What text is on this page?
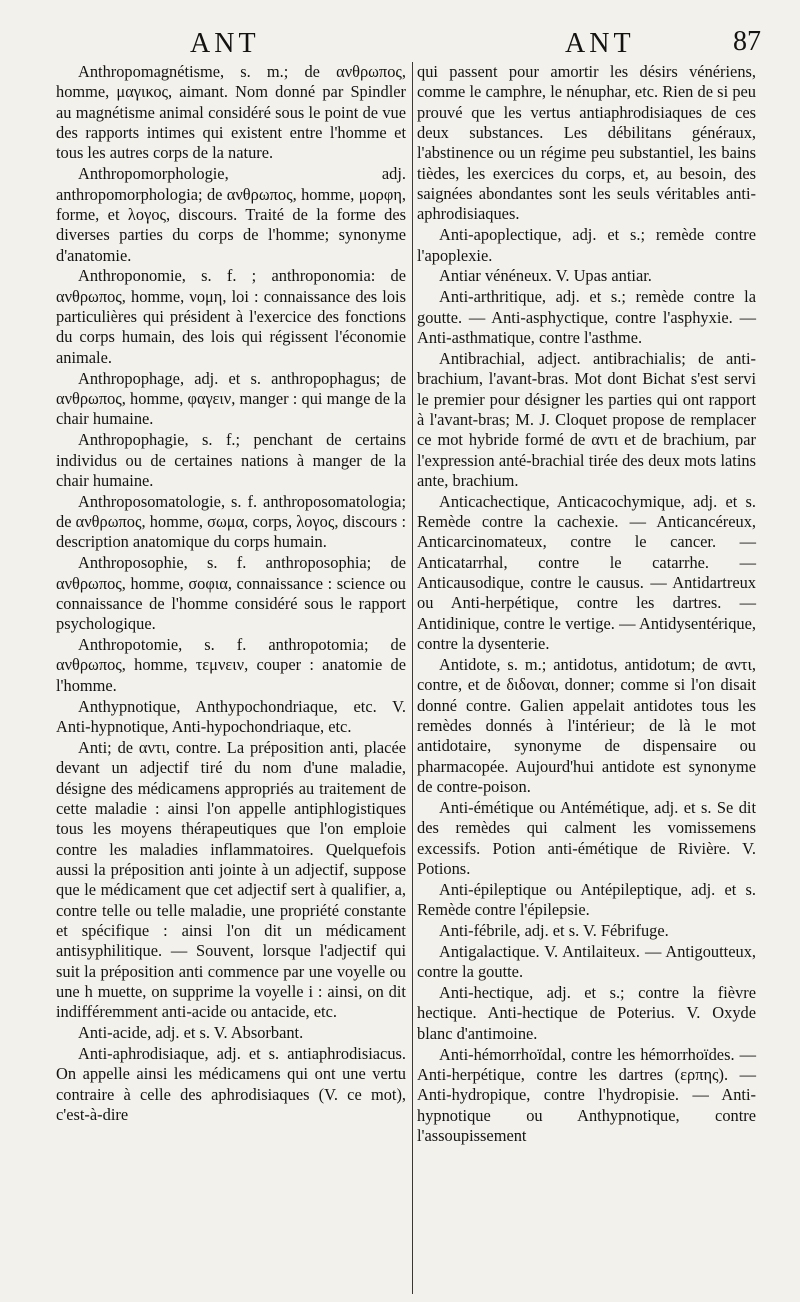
ANT	ANT	87

Anthropomagnétisme, s. m.; de ανθρωπος, homme, μαγικος, aimant. Nom donné par Spindler au magnétisme animal considéré sous le point de vue des rapports intimes qui existent entre l'homme et tous les autres corps de la nature.

Anthropomorphologie, adj. anthropomorphologia; de ανθρωπος, homme, μορφη, forme, et λογος, discours. Traité de la forme des diverses parties du corps de l'homme; synonyme d'anatomie.

Anthroponomie, s. f. ; anthroponomia: de ανθρωπος, homme, νομη, loi : connaissance des lois particulières qui président à l'exercice des fonctions du corps humain, des lois qui régissent l'économie animale.

Anthropophage, adj. et s. anthropophagus; de ανθρωπος, homme, φαγειν, manger : qui mange de la chair humaine.

Anthropophagie, s. f.; penchant de certains individus ou de certaines nations à manger de la chair humaine.

Anthroposomatologie, s. f. anthroposomatologia; de ανθρωπος, homme, σωμα, corps, λογος, discours : description anatomique du corps humain.

Anthroposophie, s. f. anthroposophia; de ανθρωπος, homme, σοφια, connaissance : science ou connaissance de l'homme considéré sous le rapport psychologique.

Anthropotomie, s. f. anthropotomia; de ανθρωπος, homme, τεμνειν, couper : anatomie de l'homme.

Anthypnotique, Anthypochondriaque, etc. V. Anti-hypnotique, Anti-hypochondriaque, etc.

Anti; de αντι, contre. La préposition anti, placée devant un adjectif tiré du nom d'une maladie, désigne des médicamens appropriés au traitement de cette maladie : ainsi l'on appelle antiphlogistiques tous les moyens thérapeutiques que l'on emploie contre les maladies inflammatoires. Quelquefois aussi la préposition anti jointe à un adjectif, suppose que le médicament que cet adjectif sert à qualifier, a, contre telle ou telle maladie, une propriété constante et spécifique : ainsi l'on dit un médicament antisyphilitique. — Souvent, lorsque l'adjectif qui suit la préposition anti commence par une voyelle ou une h muette, on supprime la voyelle i : ainsi, on dit indifféremment anti-acide ou antacide, etc.

Anti-acide, adj. et s. V. Absorbant.

Anti-aphrodisiaque, adj. et s. antiaphrodisiacus. On appelle ainsi les médicamens qui ont une vertu contraire à celle des aphrodisiaques (V. ce mot), c'est-à-dire

qui passent pour amortir les désirs vénériens, comme le camphre, le nénuphar, etc. Rien de si peu prouvé que les vertus antiaphrodisiaques de ces deux substances. Les débilitans généraux, l'abstinence ou un régime peu substantiel, les bains tièdes, les exercices du corps, et, au besoin, des saignées abondantes sont les seuls véritables anti-aphrodisiaques.

Anti-apoplectique, adj. et s.; remède contre l'apoplexie.

Antiar vénéneux. V. Upas antiar.

Anti-arthritique, adj. et s.; remède contre la goutte. — Anti-asphyctique, contre l'asphyxie. — Anti-asthmatique, contre l'asthme.

Antibrachial, adject. antibrachialis; de anti-brachium, l'avant-bras. Mot dont Bichat s'est servi le premier pour désigner les parties qui ont rapport à l'avant-bras; M. J. Cloquet propose de remplacer ce mot hybride formé de αντι et de brachium, par l'expression anté-brachial tirée des deux mots latins ante, brachium.

Anticachectique, Anticacochymique, adj. et s. Remède contre la cachexie. — Anticancéreux, Anticarcinomateux, contre le cancer. — Anticatarrhal, contre le catarrhe. — Anticausodique, contre le causus. — Antidartreux ou Anti-herpétique, contre les dartres. — Antidinique, contre le vertige. — Antidysentérique, contre la dysenterie.

Antidote, s. m.; antidotus, antidotum; de αντι, contre, et de διδοναι, donner; comme si l'on disait donné contre. Galien appelait antidotes tous les remèdes donnés à l'intérieur; de là le mot antidotaire, synonyme de dispensaire ou pharmacopée. Aujourd'hui antidote est synonyme de contre-poison.

Anti-émétique ou Antémétique, adj. et s. Se dit des remèdes qui calment les vomissemens excessifs. Potion anti-émétique de Rivière. V. Potions.

Anti-épileptique ou Antépileptique, adj. et s. Remède contre l'épilepsie.

Anti-fébrile, adj. et s. V. Fébrifuge.

Antigalactique. V. Antilaiteux. — Antigoutteux, contre la goutte.

Anti-hectique, adj. et s.; contre la fièvre hectique. Anti-hectique de Poterius. V. Oxyde blanc d'antimoine.

Anti-hémorrhoïdal, contre les hémorrhoïdes. — Anti-herpétique, contre les dartres (ερπης). — Anti-hydropique, contre l'hydropisie. — Anti-hypnotique ou Anthypnotique, contre l'assoupissement
